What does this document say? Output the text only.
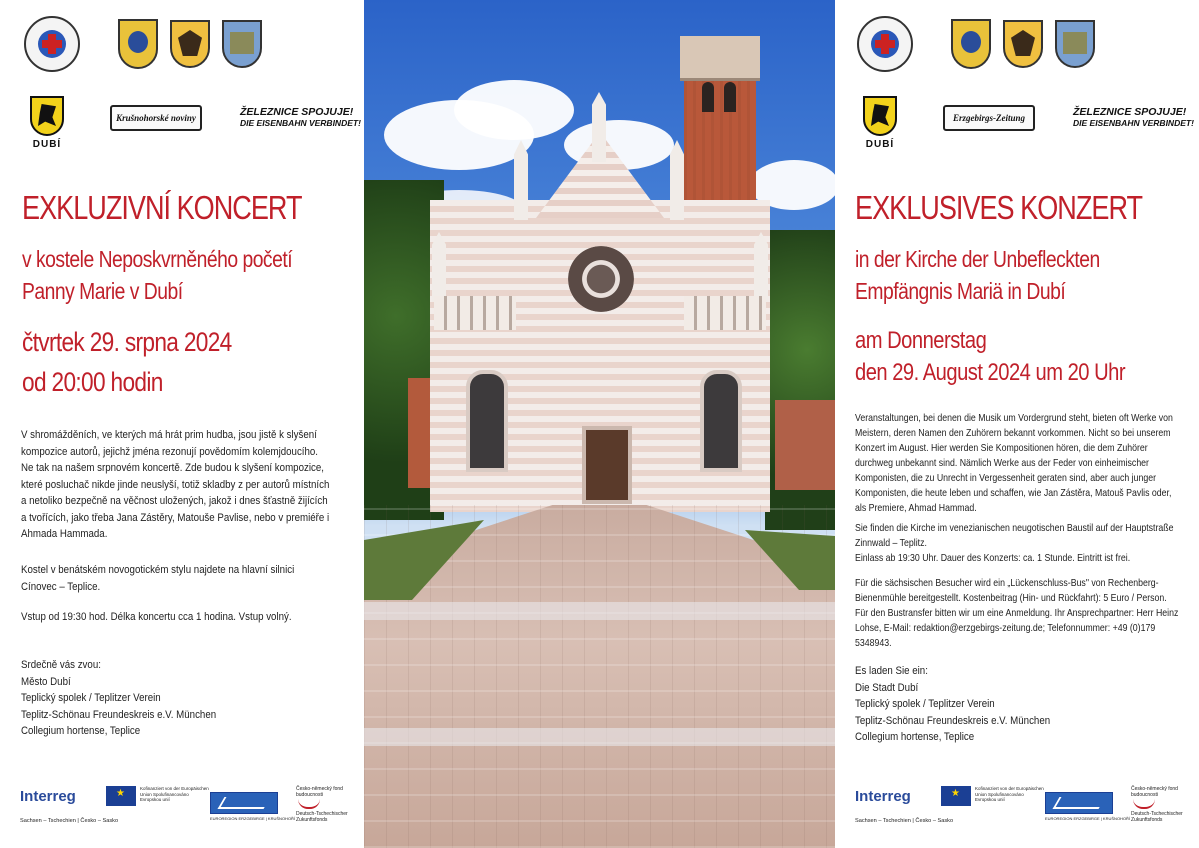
DUBÍ
Krušnohorské noviny	ŽELEZNICE SPOJUJE!
DIE EISENBAHN VERBINDET!
EXKLUZIVNÍ KONCERT
v kostele Neposkvrněného početí
Panny Marie v Dubí
čtvrtek 29. srpna 2024
od 20:00 hodin

V shromážděních, ve kterých má hrát prim hudba, jsou jistě k slyšení kompozice autorů, jejichž jména rezonují povědomím kolemjdoucího. Ne tak na našem srpnovém koncertě. Zde budou k slyšení kompozice, které posluchač nikde jinde neuslyší, totiž skladby z per autorů místních a netoliko bezpečně na věčnost uložených, jakož i dnes šťastně žijících a tvořících, jako třeba Jana Zástěry, Matouše Pavlise, nebo v premiéře i Ahmada Hammada.

Kostel v benátském novogotickém stylu najdete na hlavní silnici Cínovec – Teplice.

Vstup od 19:30 hod. Délka koncertu cca 1 hodina. Vstup volný.

Srdečně vás zvou:

Město Dubí

Teplický spolek / Teplitzer Verein

Teplitz-Schönau Freundeskreis e.V. München

Collegium hortense, Teplice

Interreg
Sachsen – Tschechien | Česko – Sasko
★
Kofinanziert von der Europäischen Union Spolufinancováno Evropskou unií
EUROREGION ERZGEBIRGE | KRUŠNOHOŘÍ
Česko-německý fond budoucnosti
Deutsch-Tschechischer Zukunftsfonds
DUBÍ
Erzgebirgs-Zeitung	ŽELEZNICE SPOJUJE!
DIE EISENBAHN VERBINDET!
EXKLUSIVES KONZERT
in der Kirche der Unbefleckten
Empfängnis Mariä in Dubí
am Donnerstag
den 29. August 2024 um 20 Uhr

Veranstaltungen, bei denen die Musik um Vordergrund steht, bieten oft Werke von Meistern, deren Namen den Zuhörern bekannt vorkommen. Nicht so bei unserem Konzert im August. Hier werden Sie Kompositionen hören, die dem Zuhörer durchweg unbekannt sind. Nämlich Werke aus der Feder von einheimischer Komponisten, die zu Unrecht in Vergessenheit geraten sind, aber auch junger Komponisten, die heute leben und schaffen, wie Jan Zástěra, Matouš Pavlis oder, als Premiere, Ahmad Hammad.

Sie finden die Kirche im venezianischen neugotischen Baustil auf der Hauptstraße Zinnwald – Teplitz.

Einlass ab 19:30 Uhr. Dauer des Konzerts: ca. 1 Stunde. Eintritt ist frei.

Für die sächsischen Besucher wird ein „Lückenschluss-Bus" von Rechenberg-Bienenmühle bereitgestellt. Kostenbeitrag (Hin- und Rückfahrt): 5 Euro / Person. Für den Bustransfer bitten wir um eine Anmeldung. Ihr Ansprechpartner: Herr Heinz Lohse, E-Mail: redaktion@erzgebirgs-zeitung.de; Telefonnummer: +49 (0)179 5348943.

Es laden Sie ein:

Die Stadt Dubí

Teplický spolek / Teplitzer Verein

Teplitz-Schönau Freundeskreis e.V. München

Collegium hortense, Teplice

Interreg
Sachsen – Tschechien | Česko – Sasko
★
Kofinanziert von der Europäischen Union Spolufinancováno Evropskou unií
EUROREGION ERZGEBIRGE | KRUŠNOHOŘÍ
Česko-německý fond budoucnosti
Deutsch-Tschechischer Zukunftsfonds
